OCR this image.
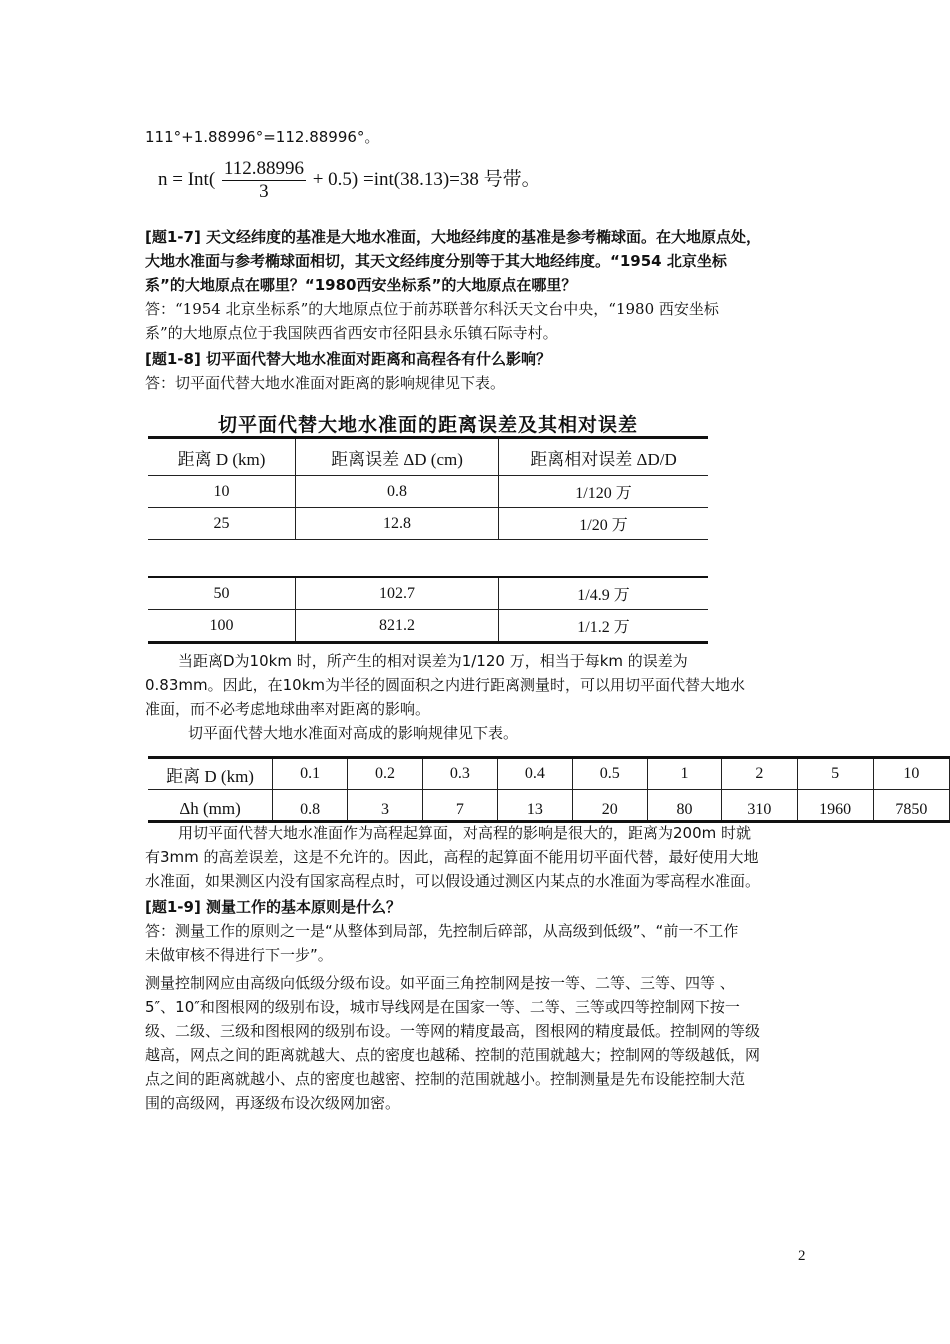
111°+1.88996°=112.88996°。
$n = Int( \frac{112.88996}{3} + 0.5) =int(38.13)=38$ 号带。
[题1-7] 天文经纬度的基准是大地水准面，大地经纬度的基准是参考椭球面。在大地原点处，
大地水准面与参考椭球面相切，其天文经纬度分别等于其大地经纬度。“1954 北京坐标
系”的大地原点在哪里？“1980西安坐标系”的大地原点在哪里？
答：“1954 北京坐标系”的大地原点位于前苏联普尔科沃天文台中央，“1980 西安坐标
系”的大地原点位于我国陕西省西安市径阳县永乐镇石际寺村。
[题1-8] 切平面代替大地水准面对距离和高程各有什么影响？
答：切平面代替大地水准面对距离的影响规律见下表。
切平面代替大地水准面的距离误差及其相对误差
距离 D (km)	距离误差 ΔD (cm)	距离相对误差 ΔD/D
10	0.8	1/120 万
25	12.8	1/20 万
50	102.7	1/4.9 万
100	821.2	1/1.2 万
当距离D为10km 时，所产生的相对误差为1/120 万，相当于每km 的误差为
0.83mm。因此，在10km为半径的圆面积之内进行距离测量时，可以用切平面代替大地水
准面，而不必考虑地球曲率对距离的影响。
切平面代替大地水准面对高成的影响规律见下表。
距离 D (km)	0.1	0.2	0.3	0.4	0.5	1	2	5	10
Δh (mm)	0.8	3	7	13	20	80	310	1960	7850
用切平面代替大地水准面作为高程起算面，对高程的影响是很大的，距离为200m 时就
有3mm 的高差误差，这是不允许的。因此，高程的起算面不能用切平面代替，最好使用大地
水准面，如果测区内没有国家高程点时，可以假设通过测区内某点的水准面为零高程水准面。
[题1-9] 测量工作的基本原则是什么？
答：测量工作的原则之一是“从整体到局部，先控制后碎部，从高级到低级”、“前一不工作
未做审核不得进行下一步”。
测量控制网应由高级向低级分级布设。如平面三角控制网是按一等、二等、三等、四等 、
5″、10″和图根网的级别布设，城市导线网是在国家一等、二等、三等或四等控制网下按一
级、二级、三级和图根网的级别布设。一等网的精度最高，图根网的精度最低。控制网的等级
越高，网点之间的距离就越大、点的密度也越稀、控制的范围就越大；控制网的等级越低，网
点之间的距离就越小、点的密度也越密、控制的范围就越小。控制测量是先布设能控制大范
围的高级网，再逐级布设次级网加密。
2
